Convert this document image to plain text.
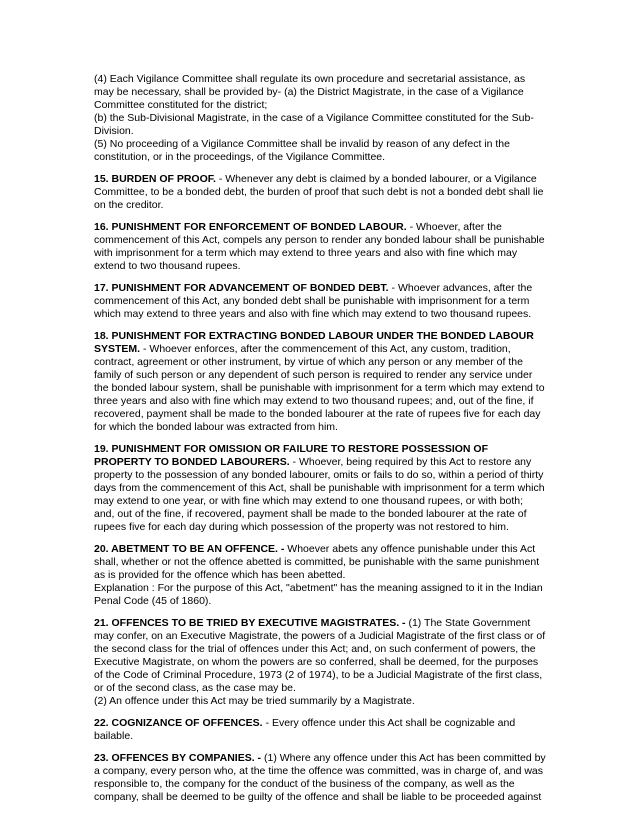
(4) Each Vigilance Committee shall regulate its own procedure and secretarial assistance, as may be necessary, shall be provided by- (a) the District Magistrate, in the case of a Vigilance Committee constituted for the district;
(b) the Sub-Divisional Magistrate, in the case of a Vigilance Committee constituted for the Sub-Division.
(5) No proceeding of a Vigilance Committee shall be invalid by reason of any defect in the constitution, or in the proceedings, of the Vigilance Committee.
15. BURDEN OF PROOF. - Whenever any debt is claimed by a bonded labourer, or a Vigilance Committee, to be a bonded debt, the burden of proof that such debt is not a bonded debt shall lie on the creditor.
16. PUNISHMENT FOR ENFORCEMENT OF BONDED LABOUR. - Whoever, after the commencement of this Act, compels any person to render any bonded labour shall be punishable with imprisonment for a term which may extend to three years and also with fine which may extend to two thousand rupees.
17. PUNISHMENT FOR ADVANCEMENT OF BONDED DEBT. - Whoever advances, after the commencement of this Act, any bonded debt shall be punishable with imprisonment for a term which may extend to three years and also with fine which may extend to two thousand rupees.
18. PUNISHMENT FOR EXTRACTING BONDED LABOUR UNDER THE BONDED LABOUR SYSTEM. - Whoever enforces, after the commencement of this Act, any custom, tradition, contract, agreement or other instrument, by virtue of which any person or any member of the family of such person or any dependent of such person is required to render any service under the bonded labour system, shall be punishable with imprisonment for a term which may extend to three years and also with fine which may extend to two thousand rupees; and, out of the fine, if recovered, payment shall be made to the bonded labourer at the rate of rupees five for each day for which the bonded labour was extracted from him.
19. PUNISHMENT FOR OMISSION OR FAILURE TO RESTORE POSSESSION OF PROPERTY TO BONDED LABOURERS. - Whoever, being required by this Act to restore any property to the possession of any bonded labourer, omits or fails to do so, within a period of thirty days from the commencement of this Act, shall be punishable with imprisonment for a term which may extend to one year, or with fine which may extend to one thousand rupees, or with both; and, out of the fine, if recovered, payment shall be made to the bonded labourer at the rate of rupees five for each day during which possession of the property was not restored to him.
20. ABETMENT TO BE AN OFFENCE. - Whoever abets any offence punishable under this Act shall, whether or not the offence abetted is committed, be punishable with the same punishment as is provided for the offence which has been abetted.
Explanation : For the purpose of this Act, "abetment" has the meaning assigned to it in the Indian Penal Code (45 of 1860).
21. OFFENCES TO BE TRIED BY EXECUTIVE MAGISTRATES. - (1) The State Government may confer, on an Executive Magistrate, the powers of a Judicial Magistrate of the first class or of the second class for the trial of offences under this Act; and, on such conferment of powers, the Executive Magistrate, on whom the powers are so conferred, shall be deemed, for the purposes of the Code of Criminal Procedure, 1973 (2 of 1974), to be a Judicial Magistrate of the first class, or of the second class, as the case may be.
(2) An offence under this Act may be tried summarily by a Magistrate.
22. COGNIZANCE OF OFFENCES. - Every offence under this Act shall be cognizable and bailable.
23. OFFENCES BY COMPANIES. - (1) Where any offence under this Act has been committed by a company, every person who, at the time the offence was committed, was in charge of, and was responsible to, the company for the conduct of the business of the company, as well as the company, shall be deemed to be guilty of the offence and shall be liable to be proceeded against
